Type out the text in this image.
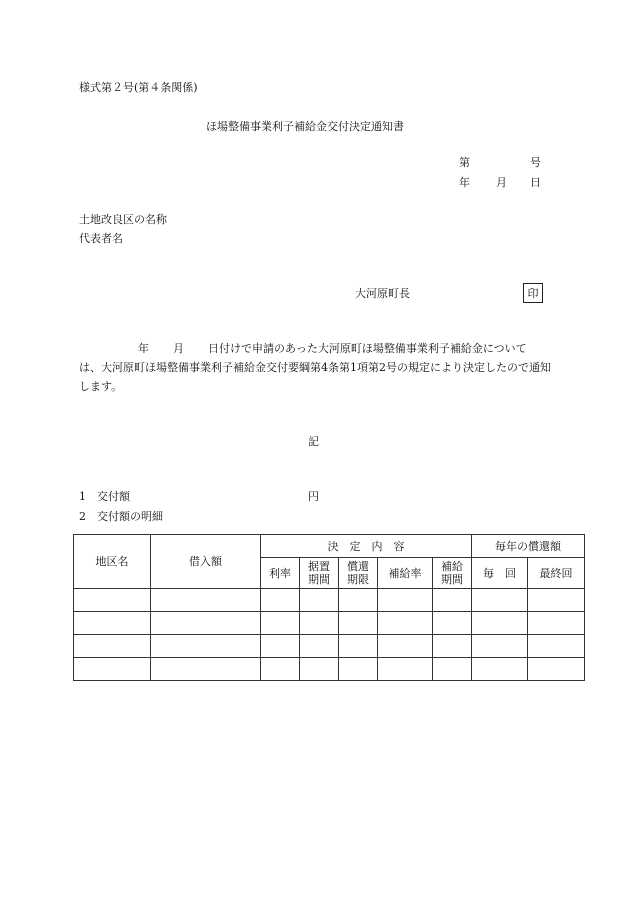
様式第２号(第４条関係)
ほ場整備事業利子補給金交付決定通知書
第	号
年 月 日
土地改良区の名称
代表者名
大河原町長	印
年 月 日付けで申請のあった大河原町ほ場整備事業利子補給金について
は、大河原町ほ場整備事業利子補給金交付要綱第4条第1項第2号の規定により決定したので通知します。
記
1 交付額	円
2 交付額の明細
地区名	借入額	決　定　内　容					毎年の償還額	
		利率	据置期間	償還期限	補給率	補給期間	毎　回	最終回
